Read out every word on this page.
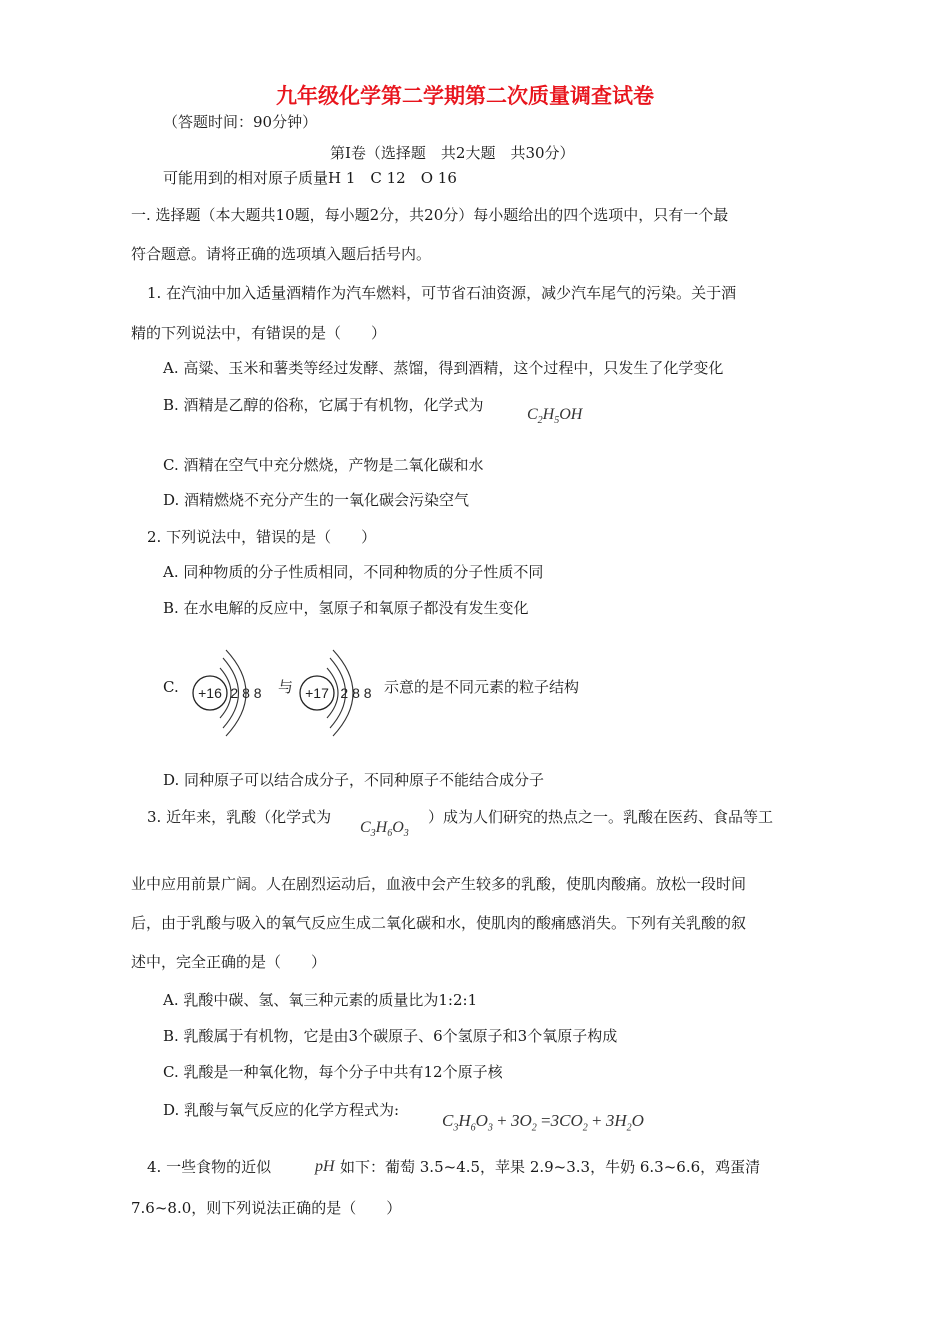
九年级化学第二学期第二次质量调查试卷
（答题时间：90分钟）
第Ⅰ卷（选择题　共2大题　共30分）
可能用到的相对原子质量H 1　C 12　O 16
一. 选择题（本大题共10题，每小题2分，共20分）每小题给出的四个选项中，只有一个最
符合题意。请将正确的选项填入题后括号内。
1. 在汽油中加入适量酒精作为汽车燃料，可节省石油资源，减少汽车尾气的污染。关于酒
精的下列说法中，有错误的是（　　）
A. 高粱、玉米和薯类等经过发酵、蒸馏，得到酒精，这个过程中，只发生了化学变化
B. 酒精是乙醇的俗称，它属于有机物，化学式为
$C_2H_5OH$
C. 酒精在空气中充分燃烧，产物是二氧化碳和水
D. 酒精燃烧不充分产生的一氧化碳会污染空气
2. 下列说法中，错误的是（　　）
A. 同种物质的分子性质相同，不同种物质的分子性质不同
B. 在水电解的反应中，氢原子和氧原子都没有发生变化
C. +16 2 8 8	+17 2 8 8
与	示意的是不同元素的粒子结构
D. 同种原子可以结合成分子，不同种原子不能结合成分子
3. 近年来，乳酸（化学式为
$C_3H_6O_3$
）成为人们研究的热点之一。乳酸在医药、食品等工
业中应用前景广阔。人在剧烈运动后，血液中会产生较多的乳酸，使肌肉酸痛。放松一段时间
后，由于乳酸与吸入的氧气反应生成二氧化碳和水，使肌肉的酸痛感消失。下列有关乳酸的叙
述中，完全正确的是（　　）
A. 乳酸中碳、氢、氧三种元素的质量比为1:2:1
B. 乳酸属于有机物，它是由3个碳原子、6个氢原子和3个氧原子构成
C. 乳酸是一种氧化物，每个分子中共有12个原子核
D. 乳酸与氧气反应的化学方程式为:
$C_3H_6O_3 + 3O_2 =3CO_2 + 3H_2O$
4. 一些食物的近似	pH 如下：葡萄 3.5~4.5，苹果 2.9~3.3，牛奶 6.3~6.6，鸡蛋清
7.6~8.0，则下列说法正确的是（　　）
